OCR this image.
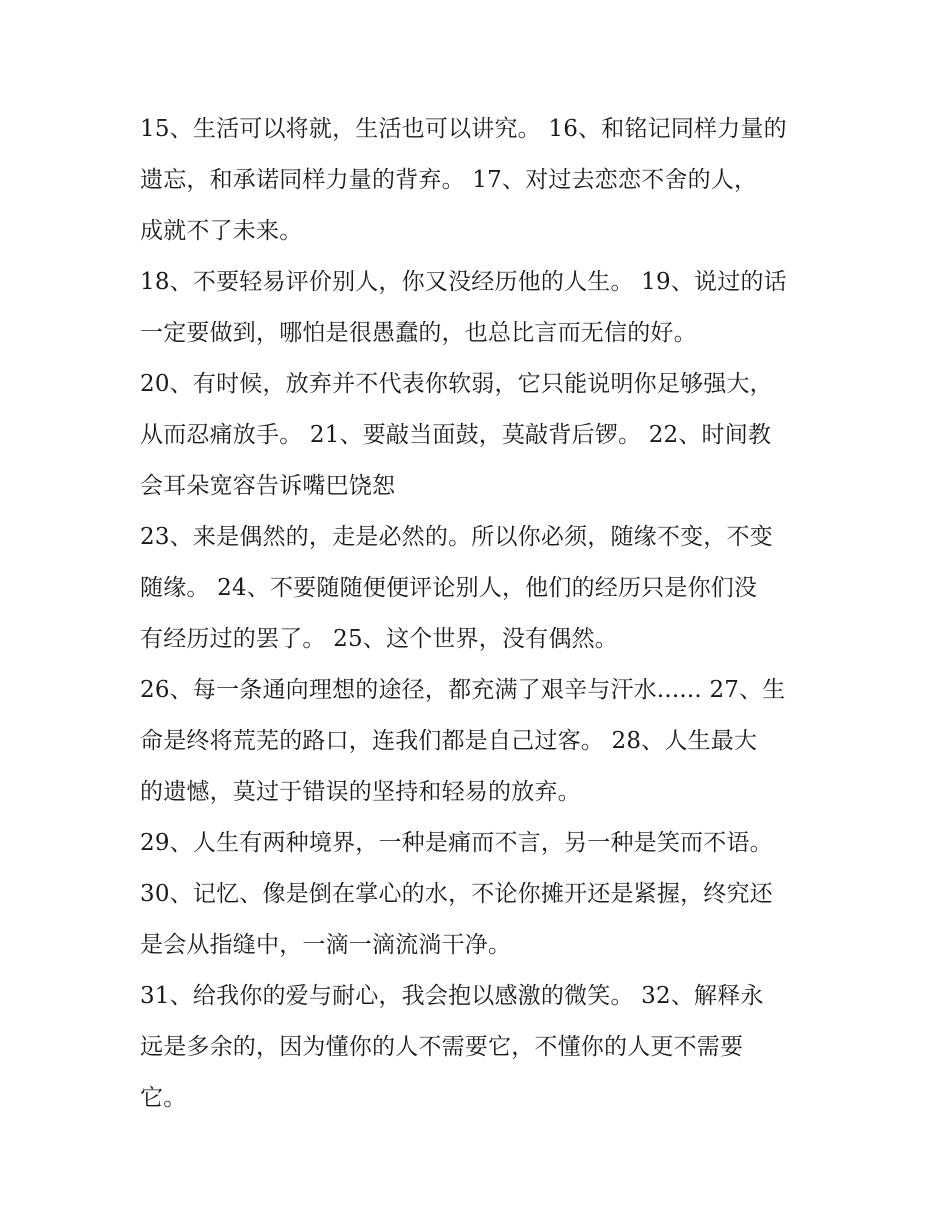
15、生活可以将就，生活也可以讲究。 16、和铭记同样力量的
遗忘，和承诺同样力量的背弃。 17、对过去恋恋不舍的人，
成就不了未来。

18、不要轻易评价别人，你又没经历他的人生。 19、说过的话
一定要做到，哪怕是很愚蠢的，也总比言而无信的好。

20、有时候，放弃并不代表你软弱，它只能说明你足够强大，
从而忍痛放手。 21、要敲当面鼓，莫敲背后锣。 22、时间教
会耳朵宽容告诉嘴巴饶恕

23、来是偶然的，走是必然的。所以你必须，随缘不变，不变
随缘。 24、不要随随便便评论别人，他们的经历只是你们没
有经历过的罢了。 25、这个世界，没有偶然。

26、每一条通向理想的途径，都充满了艰辛与汗水...... 27、生
命是终将荒芜的路口，连我们都是自己过客。 28、人生最大
的遗憾，莫过于错误的坚持和轻易的放弃。

29、人生有两种境界，一种是痛而不言，另一种是笑而不语。

30、记忆、像是倒在掌心的水，不论你摊开还是紧握，终究还
是会从指缝中，一滴一滴流淌干净。

31、给我你的爱与耐心，我会抱以感激的微笑。 32、解释永
远是多余的，因为懂你的人不需要它，不懂你的人更不需要
它。
